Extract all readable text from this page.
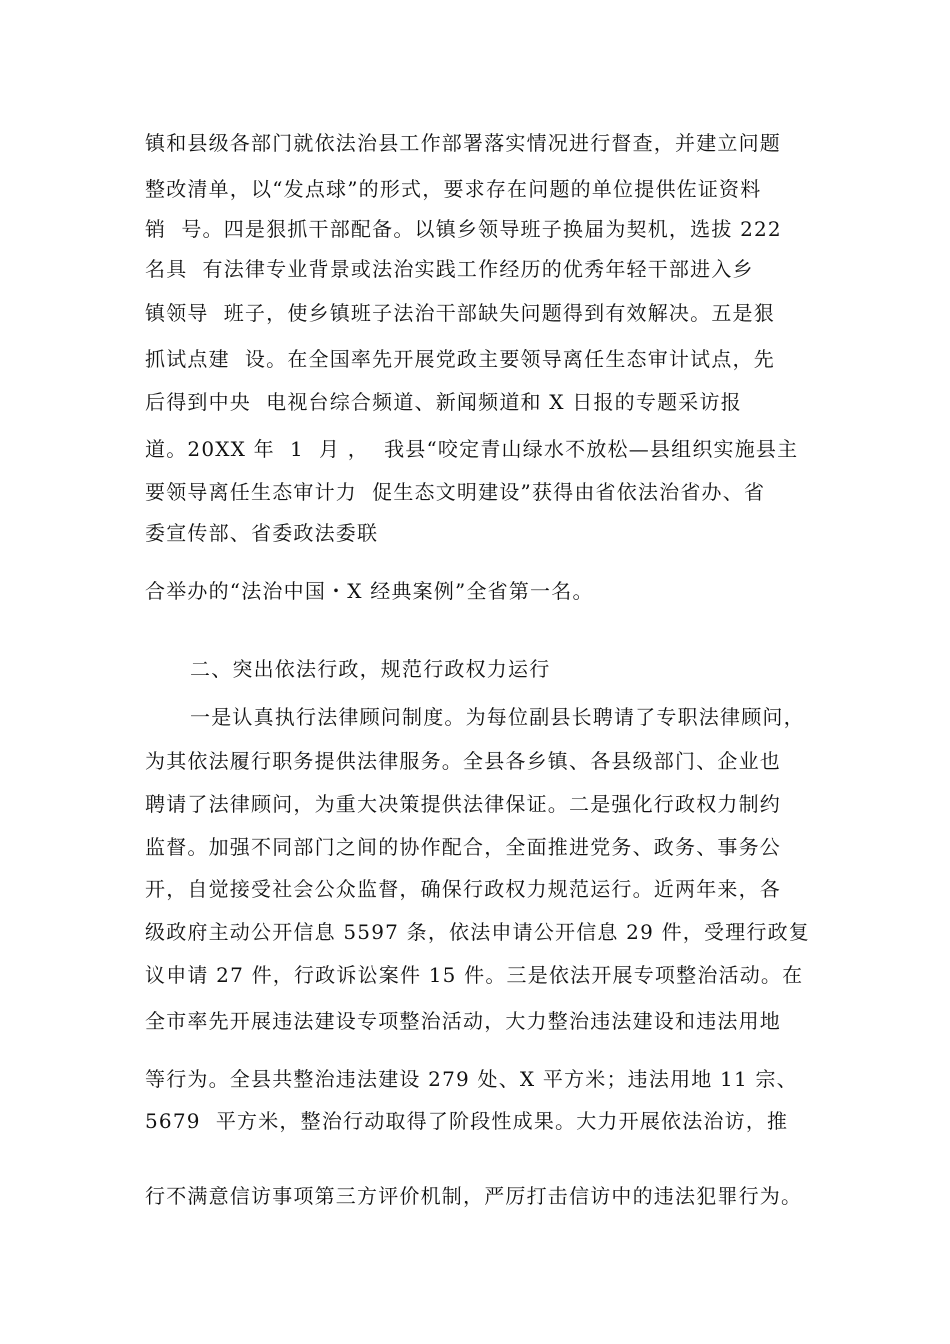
镇和县级各部门就依法治县工作部署落实情况进行督查，并建立问题
整改清单，以“发点球”的形式，要求存在问题的单位提供佐证资料
销  号。四是狠抓干部配备。以镇乡领导班子换届为契机，选拔 222
名具  有法律专业背景或法治实践工作经历的优秀年轻干部进入乡
镇领导  班子，使乡镇班子法治干部缺失问题得到有效解决。五是狠
抓试点建  设。在全国率先开展党政主要领导离任生态审计试点，先
后得到中央  电视台综合频道、新闻频道和 X 日报的专题采访报
道。20XX 年  1  月 ，  我县“咬定青山绿水不放松—县组织实施县主
要领导离任生态审计力  促生态文明建设”获得由省依法治省办、省
委宣传部、省委政法委联
合举办的“法治中国・X 经典案例”全省第一名。
二、突出依法行政，规范行政权力运行
一是认真执行法律顾问制度。为每位副县长聘请了专职法律顾问，
为其依法履行职务提供法律服务。全县各乡镇、各县级部门、企业也
聘请了法律顾问，为重大决策提供法律保证。二是强化行政权力制约
监督。加强不同部门之间的协作配合，全面推进党务、政务、事务公
开，自觉接受社会公众监督，确保行政权力规范运行。近两年来，各
级政府主动公开信息 5597 条，依法申请公开信息 29 件，受理行政复
议申请 27 件，行政诉讼案件 15 件。三是依法开展专项整治活动。在
全市率先开展违法建设专项整治活动，大力整治违法建设和违法用地
等行为。全县共整治违法建设 279 处、X 平方米；违法用地 11 宗、
5679  平方米，整治行动取得了阶段性成果。大力开展依法治访，推
行不满意信访事项第三方评价机制，严厉打击信访中的违法犯罪行为。
